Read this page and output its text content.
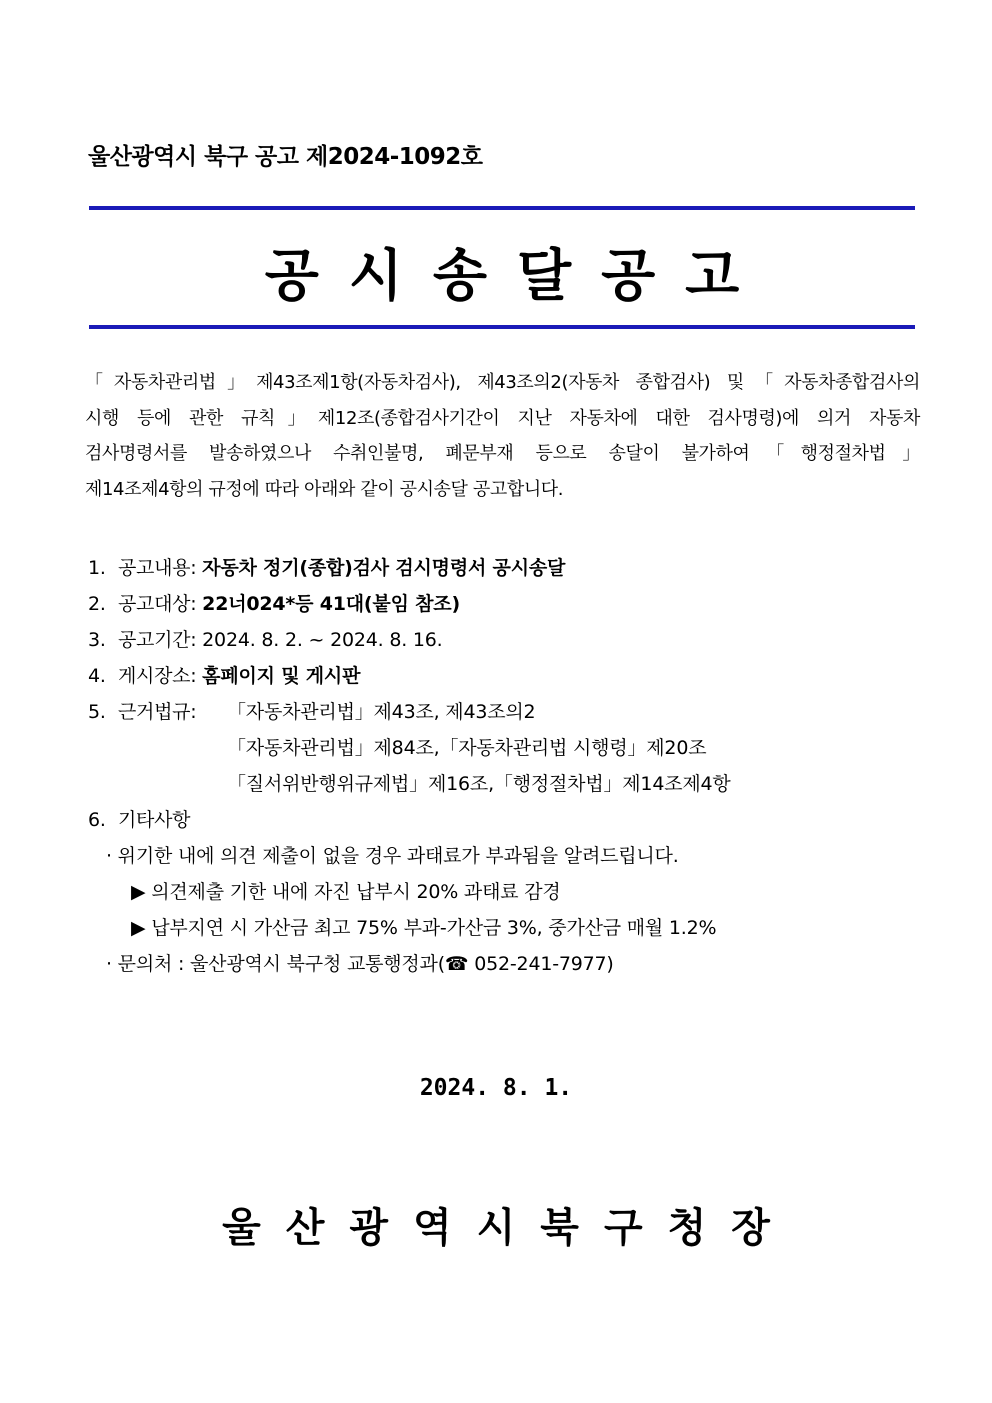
울산광역시 북구 공고 제2024-1092호
공시송달공고
「자동차관리법」제43조제1항(자동차검사), 제43조의2(자동차 종합검사) 및「자동차종합검사의
시행 등에 관한 규칙」제12조(종합검사기간이 지난 자동차에 대한 검사명령)에 의거 자동차
검사명령서를 발송하였으나 수취인불명, 폐문부재 등으로 송달이 불가하여「행정절차법」
제14조제4항의 규정에 따라 아래와 같이 공시송달 공고합니다.
1. 공고내용: 자동차 정기(종합)검사 검시명령서 공시송달
2. 공고대상: 22너024*등 41대(붙임 참조)
3. 공고기간: 2024. 8. 2. ~ 2024. 8. 16.
4. 게시장소: 홈페이지 및 게시판
5. 근거법규: 「자동차관리법」제43조, 제43조의2
「자동차관리법」제84조,「자동차관리법 시행령」제20조
「질서위반행위규제법」제16조,「행정절차법」제14조제4항
6. 기타사항
· 위기한 내에 의견 제출이 없을 경우 과태료가 부과됨을 알려드립니다.
▶ 의견제출 기한 내에 자진 납부시 20% 과태료 감경
▶ 납부지연 시 가산금 최고 75% 부과-가산금 3%, 중가산금 매월 1.2%
· 문의처 : 울산광역시 북구청 교통행정과(☎ 052-241-7977)
2024. 8. 1.
울산광역시북구청장
